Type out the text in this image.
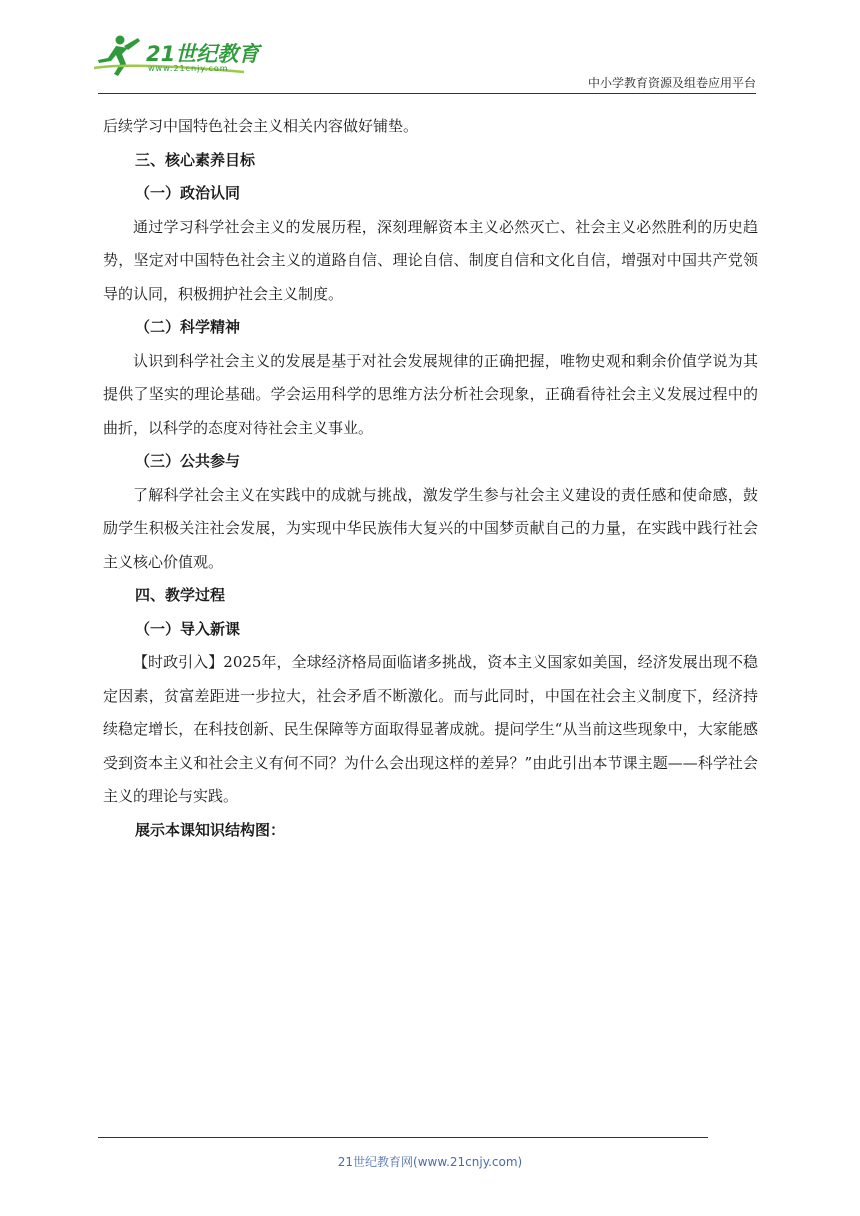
21世纪教育
www.21cnjy.com
中小学教育资源及组卷应用平台

后续学习中国特色社会主义相关内容做好铺垫。

三、核心素养目标

（一）政治认同

通过学习科学社会主义的发展历程，深刻理解资本主义必然灭亡、社会主义必然胜利的历史趋势，坚定对中国特色社会主义的道路自信、理论自信、制度自信和文化自信，增强对中国共产党领导的认同，积极拥护社会主义制度。

（二）科学精神

认识到科学社会主义的发展是基于对社会发展规律的正确把握，唯物史观和剩余价值学说为其提供了坚实的理论基础。学会运用科学的思维方法分析社会现象，正确看待社会主义发展过程中的曲折，以科学的态度对待社会主义事业。

（三）公共参与

了解科学社会主义在实践中的成就与挑战，激发学生参与社会主义建设的责任感和使命感，鼓励学生积极关注社会发展，为实现中华民族伟大复兴的中国梦贡献自己的力量，在实践中践行社会主义核心价值观。

四、教学过程

（一）导入新课

【时政引入】2025年，全球经济格局面临诸多挑战，资本主义国家如美国，经济发展出现不稳定因素，贫富差距进一步拉大，社会矛盾不断激化。而与此同时，中国在社会主义制度下，经济持续稳定增长，在科技创新、民生保障等方面取得显著成就。提问学生“从当前这些现象中，大家能感受到资本主义和社会主义有何不同？为什么会出现这样的差异？”由此引出本节课主题——科学社会主义的理论与实践。

展示本课知识结构图：

21世纪教育网(www.21cnjy.com)
